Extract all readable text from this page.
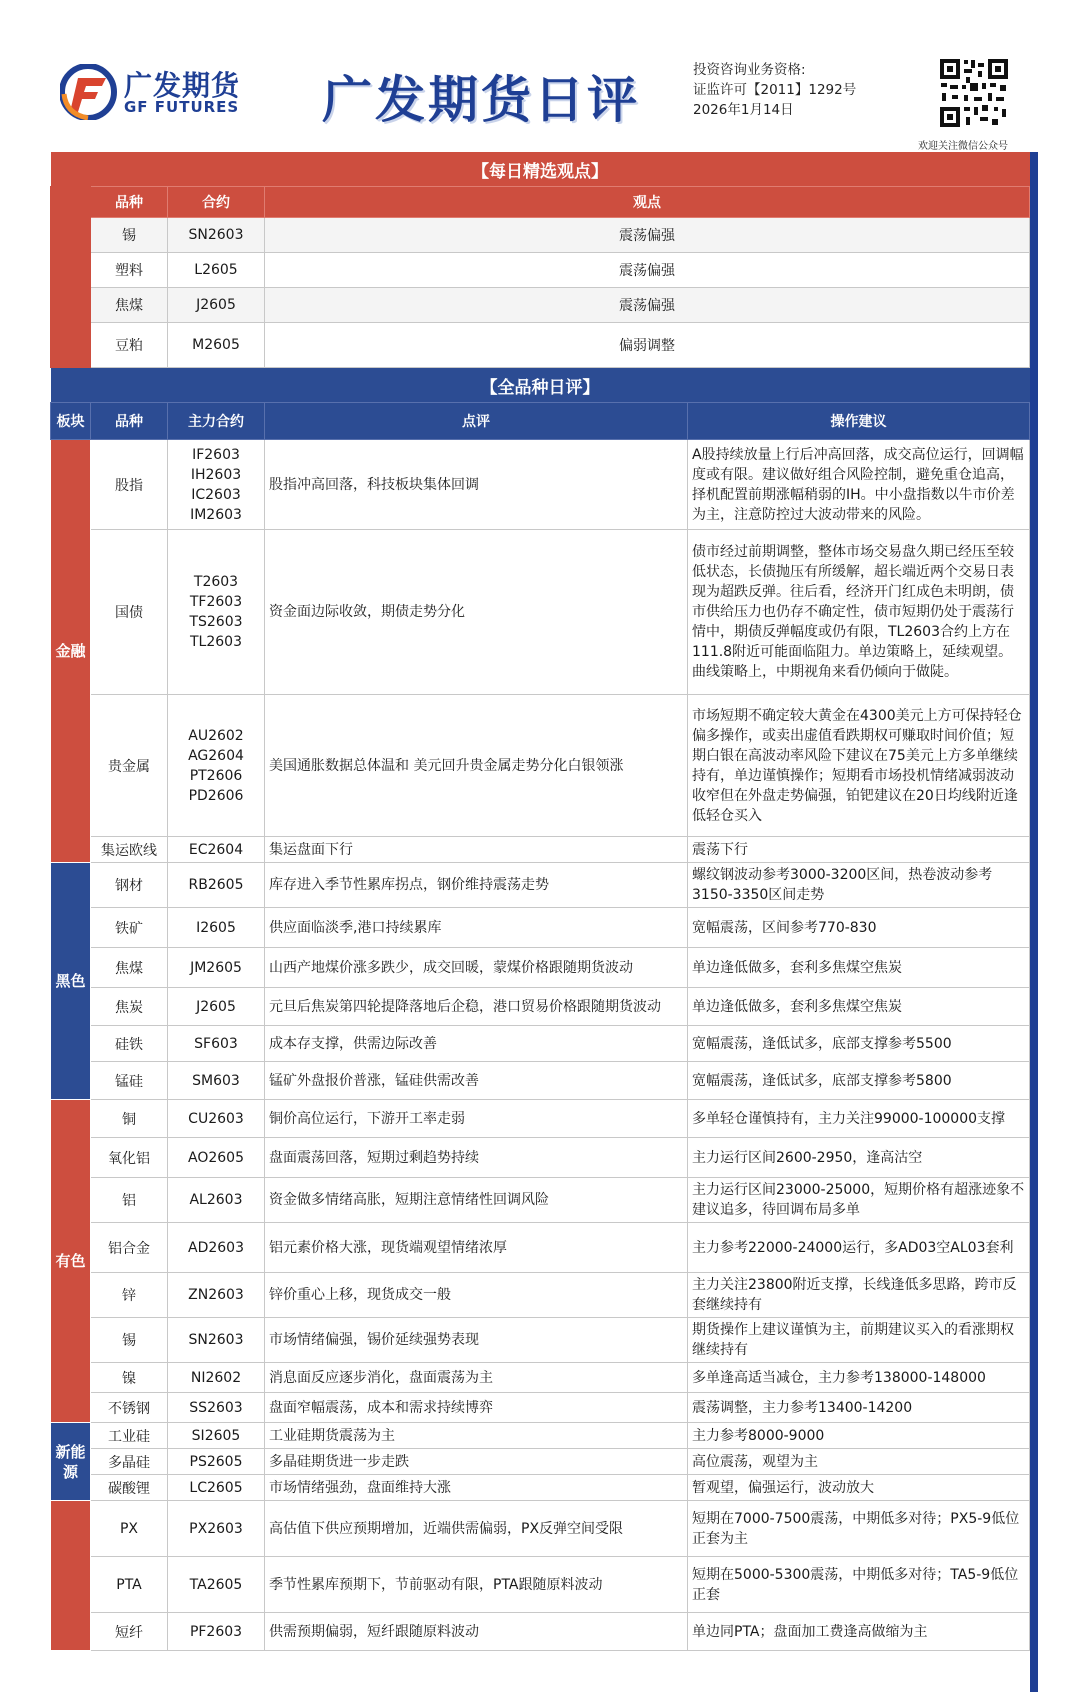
广发期货
GF FUTURES 广发期货日评
投资咨询业务资格:
证监许可【2011】1292号
2026年1月14日
欢迎关注微信公众号
【每日精选观点】			
	品种	合约	观点
	锡	SN2603	震荡偏强
	塑料	L2605	震荡偏强
	焦煤	J2605	震荡偏强
	豆粕	M2605	偏弱调整
【全品种日评】				
板块	品种	主力合约	点评	操作建议
金融	股指	IF2603
IH2603
IC2603
IM2603	股指冲高回落，科技板块集体回调	A股持续放量上行后冲高回落，成交高位运行，回调幅度或有限。建议做好组合风险控制，避免重仓追高，择机配置前期涨幅稍弱的IH。中小盘指数以牛市价差为主，注意防控过大波动带来的风险。
	国债	T2603
TF2603
TS2603
TL2603	资金面边际收敛，期债走势分化	债市经过前期调整，整体市场交易盘久期已经压至较低状态，长债抛压有所缓解，超长端近两个交易日表现为超跌反弹。往后看，经济开门红成色未明朗，债市供给压力也仍存不确定性，债市短期仍处于震荡行情中，期债反弹幅度或仍有限，TL2603合约上方在111.8附近可能面临阻力。单边策略上，延续观望。曲线策略上，中期视角来看仍倾向于做陡。
	贵金属	AU2602
AG2604
PT2606
PD2606	美国通胀数据总体温和 美元回升贵金属走势分化白银领涨	市场短期不确定较大黄金在4300美元上方可保持轻仓偏多操作，或卖出虚值看跌期权可赚取时间价值；短期白银在高波动率风险下建议在75美元上方多单继续持有，单边谨慎操作；短期看市场投机情绪减弱波动收窄但在外盘走势偏强，铂钯建议在20日均线附近逢低轻仓买入
	集运欧线	EC2604	集运盘面下行	震荡下行
黑色	钢材	RB2605	库存进入季节性累库拐点，钢价维持震荡走势	螺纹钢波动参考3000-3200区间，热卷波动参考3150-3350区间走势
	铁矿	I2605	供应面临淡季,港口持续累库	宽幅震荡，区间参考770-830
	焦煤	JM2605	山西产地煤价涨多跌少，成交回暖，蒙煤价格跟随期货波动	单边逢低做多，套利多焦煤空焦炭
	焦炭	J2605	元旦后焦炭第四轮提降落地后企稳，港口贸易价格跟随期货波动	单边逢低做多，套利多焦煤空焦炭
	硅铁	SF603	成本存支撑，供需边际改善	宽幅震荡，逢低试多，底部支撑参考5500
	锰硅	SM603	锰矿外盘报价普涨，锰硅供需改善	宽幅震荡，逢低试多，底部支撑参考5800
有色	铜	CU2603	铜价高位运行，下游开工率走弱	多单轻仓谨慎持有，主力关注99000-100000支撑
	氧化铝	AO2605	盘面震荡回落，短期过剩趋势持续	主力运行区间2600-2950，逢高沽空
	铝	AL2603	资金做多情绪高胀，短期注意情绪性回调风险	主力运行区间23000-25000，短期价格有超涨迹象不建议追多，待回调布局多单
	铝合金	AD2603	铝元素价格大涨，现货端观望情绪浓厚	主力参考22000-24000运行，多AD03空AL03套利
	锌	ZN2603	锌价重心上移，现货成交一般	主力关注23800附近支撑，长线逢低多思路，跨市反套继续持有
	锡	SN2603	市场情绪偏强，锡价延续强势表现	期货操作上建议谨慎为主，前期建议买入的看涨期权继续持有
	镍	NI2602	消息面反应逐步消化，盘面震荡为主	多单逢高适当减仓，主力参考138000-148000
	不锈钢	SS2603	盘面窄幅震荡，成本和需求持续博弈	震荡调整，主力参考13400-14200
新能源	工业硅	SI2605	工业硅期货震荡为主	主力参考8000-9000
	多晶硅	PS2605	多晶硅期货进一步走跌	高位震荡，观望为主
	碳酸锂	LC2605	市场情绪强劲，盘面维持大涨	暂观望，偏强运行，波动放大
	PX	PX2603	高估值下供应预期增加，近端供需偏弱，PX反弹空间受限	短期在7000-7500震荡，中期低多对待；PX5-9低位正套为主
	PTA	TA2605	季节性累库预期下，节前驱动有限，PTA跟随原料波动	短期在5000-5300震荡，中期低多对待；TA5-9低位正套
	短纤	PF2603	供需预期偏弱，短纤跟随原料波动	单边同PTA；盘面加工费逢高做缩为主
